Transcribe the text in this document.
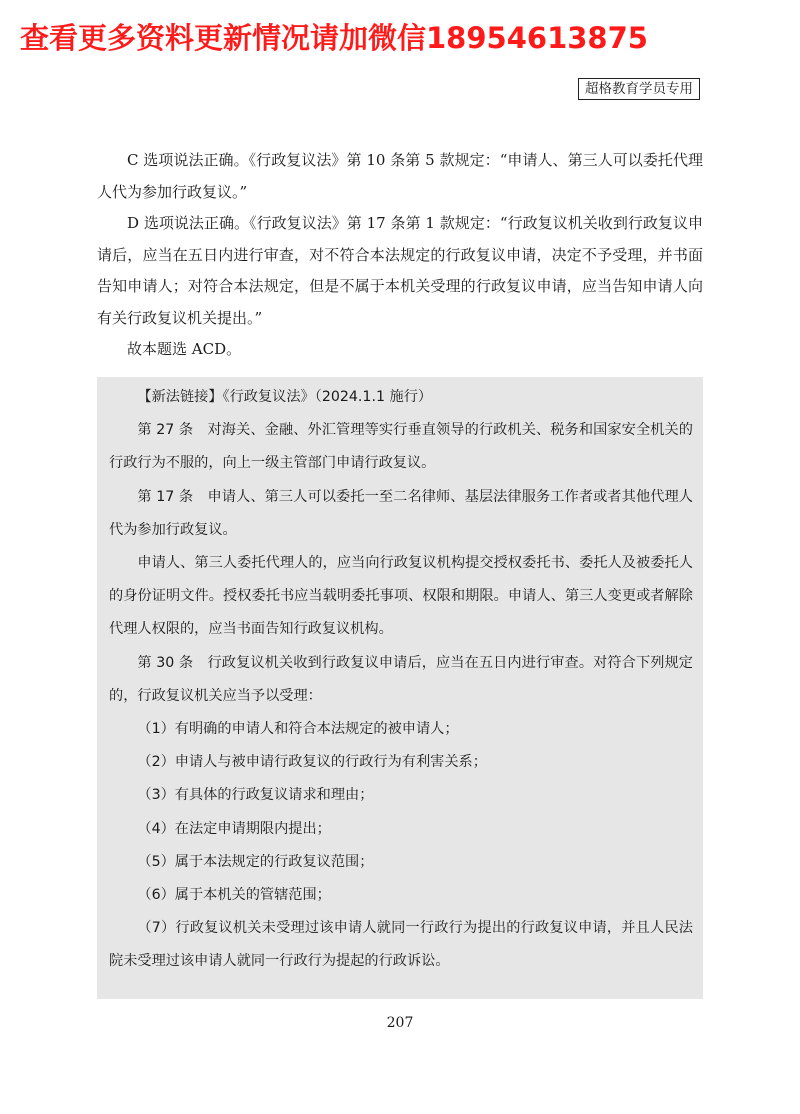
查看更多资料更新情况请加微信18954613875
超格教育学员专用

C 选项说法正确。《行政复议法》第 10 条第 5 款规定：“申请人、第三人可以委托代理人代为参加行政复议。”

D 选项说法正确。《行政复议法》第 17 条第 1 款规定：“行政复议机关收到行政复议申请后，应当在五日内进行审查，对不符合本法规定的行政复议申请，决定不予受理，并书面告知申请人；对符合本法规定，但是不属于本机关受理的行政复议申请，应当告知申请人向有关行政复议机关提出。”

故本题选 ACD。

【新法链接】《行政复议法》（2024.1.1 施行）

第 27 条　对海关、金融、外汇管理等实行垂直领导的行政机关、税务和国家安全机关的行政行为不服的，向上一级主管部门申请行政复议。

第 17 条　申请人、第三人可以委托一至二名律师、基层法律服务工作者或者其他代理人代为参加行政复议。

申请人、第三人委托代理人的，应当向行政复议机构提交授权委托书、委托人及被委托人的身份证明文件。授权委托书应当载明委托事项、权限和期限。申请人、第三人变更或者解除代理人权限的，应当书面告知行政复议机构。

第 30 条　行政复议机关收到行政复议申请后，应当在五日内进行审查。对符合下列规定的，行政复议机关应当予以受理：

（1）有明确的申请人和符合本法规定的被申请人；

（2）申请人与被申请行政复议的行政行为有利害关系；

（3）有具体的行政复议请求和理由；

（4）在法定申请期限内提出；

（5）属于本法规定的行政复议范围；

（6）属于本机关的管辖范围；

（7）行政复议机关未受理过该申请人就同一行政行为提出的行政复议申请，并且人民法院未受理过该申请人就同一行政行为提起的行政诉讼。

207
